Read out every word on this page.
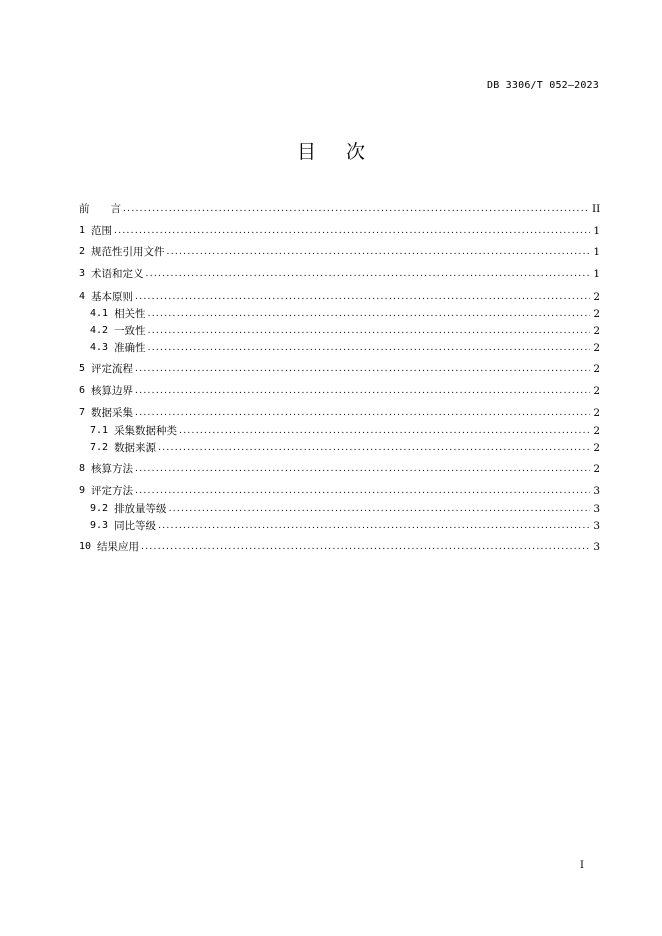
DB 3306/T 052—2023
目 次
前　　言 .....	II
1 范围 .....	1
2 规范性引用文件 .....	1
3 术语和定义 .....	1
4 基本原则 .....	2
4.1 相关性 .....	2
4.2 一致性 .....	2
4.3 准确性 .....	2
5 评定流程 .....	2
6 核算边界 .....	2
7 数据采集 .....	2
7.1 采集数据种类 .....	2
7.2 数据来源 .....	2
8 核算方法 .....	2
9 评定方法 .....	3
9.2 排放量等级 .....	3
9.3 同比等级 .....	3
10 结果应用 .....	3
I
